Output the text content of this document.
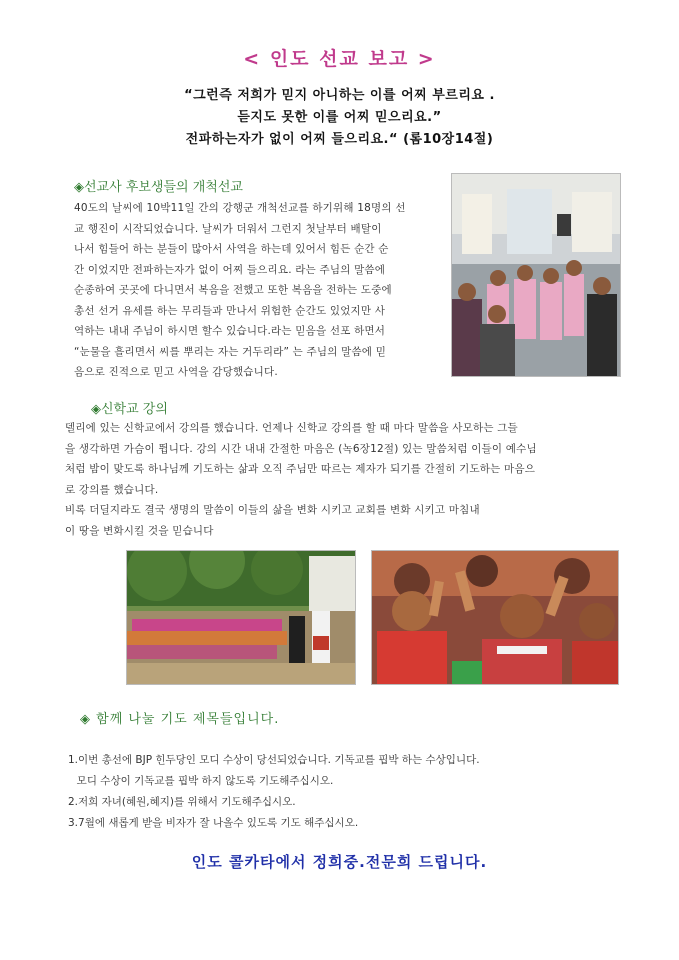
< 인도 선교 보고 >
“그런즉 저희가 믿지 아니하는 이를 어찌 부르리요 .
듣지도 못한 이를 어찌 믿으리요.”
전파하는자가 없이 어찌 들으리요.“ (롬10장14절)
◈선교사 후보생들의 개척선교
40도의 날씨에 10박11일 간의 강행군 개척선교를 하기위해 18명의 선
교 행진이 시작되었습니다. 날씨가 더워서 그런지 첫날부터 배탈이
나서 힘들어 하는 분들이 많아서 사역을 하는데 있어서 힘든 순간 순
간 이었지만 전파하는자가 없이 어찌 들으리요. 라는 주님의 말씀에
순종하여 곳곳에 다니면서 복음을 전했고 또한 복음을 전하는 도중에
총선 선거 유세를 하는 무리들과 만나서 위험한 순간도 있었지만 사
역하는 내내 주님이 하시면 할수 있습니다.라는 믿음을 선포 하면서
“눈물을 흘리면서 씨를 뿌리는 자는 거두리라” 는 주님의 말씀에 믿
음으로 진적으로 믿고 사역을 감당했습니다.
◈신학교 강의
델리에 있는 신학교에서 강의를 했습니다. 언제나 신학교 강의를 할 때 마다 말씀을 사모하는 그들
을 생각하면 가슴이 뜁니다. 강의 시간 내내 간절한 마음은 (녹6장12절) 있는 말씀처럼 이들이 예수님
처럼 밤이 맞도록 하나님께 기도하는 삶과 오직 주님만 따르는 제자가 되기를 간절히 기도하는 마음으
로 강의를 했습니다.
비록 더딜지라도 결국 생명의 말씀이 이들의 삶을 변화 시키고 교회를 변화 시키고 마침내
이 땅을 변화시킬 것을 믿습니다
◈ 함께 나눌 기도 제목들입니다.
1.이번 총선에 BJP 힌두당인 모디 수상이 당선되었습니다. 기독교를 핍박 하는 수상입니다.
모디 수상이 기독교를 핍박 하지 않도록 기도해주십시오.
2.저희 자녀(혜원,혜지)를 위해서 기도해주십시오.
3.7월에 새롭게 받을 비자가 잘 나올수 있도록 기도 해주십시오.
인도 콜카타에서 정희중.전문희 드립니다.
